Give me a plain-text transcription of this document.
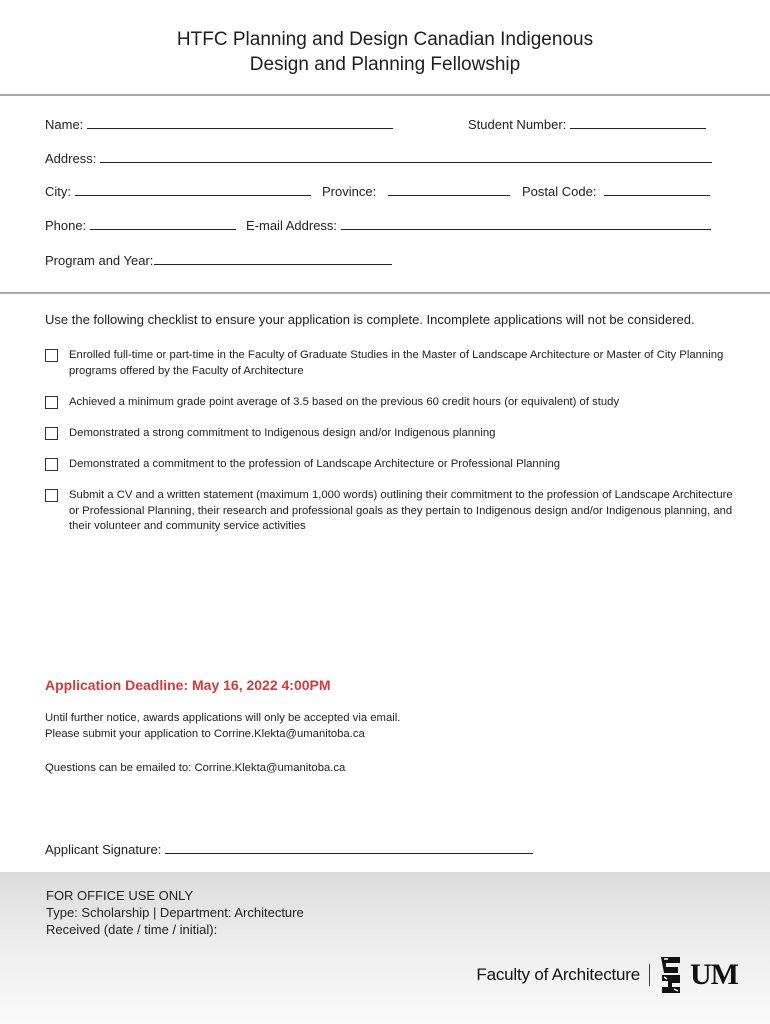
HTFC Planning and Design Canadian Indigenous
Design and Planning Fellowship
Name:	Student Number:
Address:
City:	Province:	Postal Code:
Phone:	E-mail Address:
Program and Year:
Use the following checklist to ensure your application is complete. Incomplete applications will not be considered.
Enrolled full-time or part-time in the Faculty of Graduate Studies in the Master of Landscape Architecture or Master of City Planning programs offered by the Faculty of Architecture
Achieved a minimum grade point average of 3.5 based on the previous 60 credit hours (or equivalent) of study
Demonstrated a strong commitment to Indigenous design and/or Indigenous planning
Demonstrated a commitment to the profession of Landscape Architecture or Professional Planning
Submit a CV and a written statement (maximum 1,000 words) outlining their commitment to the profession of Landscape Architecture or Professional Planning, their research and professional goals as they pertain to Indigenous design and/or Indigenous planning, and their volunteer and community service activities
Application Deadline: May 16, 2022 4:00PM
Until further notice, awards applications will only be accepted via email.
Please submit your application to Corrine.Klekta@umanitoba.ca
Questions can be emailed to: Corrine.Klekta@umanitoba.ca
Applicant Signature:
FOR OFFICE USE ONLY
Type: Scholarship | Department: Architecture
Received (date / time / initial):
Faculty of Architecture UM
